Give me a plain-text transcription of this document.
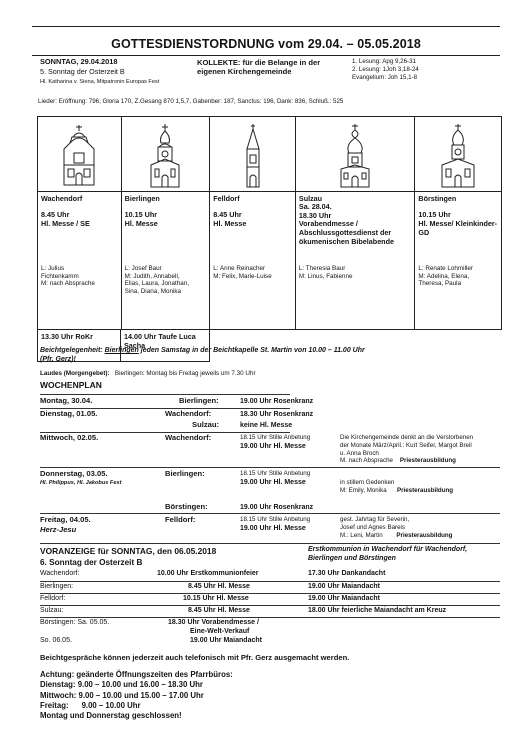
GOTTESDIENSTORDNUNG vom 29.04. – 05.05.2018
SONNTAG, 29.04.2018
5. Sonntag der Osterzeit B
Hl. Katharina v. Siena, Mitpatronin Europas Fest
KOLLEKTE: für die Belange in der eigenen Kirchengemeinde
1. Lesung: Apg 9,26-31
2. Lesung: 1Joh 3,18-24
Evangelium: Joh 15,1-8
Lieder: Eröffnung: 796, Gloria 170, Z.Gesang 870 1,5,7, Gabenber: 187, Sanctus: 196, Dank: 836, Schluß.: 525
Wachendorf
8.45 Uhr
Hl. Messe / SE
L: Julius
Fichtenkamm
M: nach Absprache
Bierlingen
10.15 Uhr
Hl. Messe
L: Josef Baur
M: Judith, Annabell,
Elias, Laura, Jonathan,
Sina, Diana, Monika
Felldorf
8.45 Uhr
Hl. Messe
L: Anne Reinacher
M: Felix, Marie-Luise
Sulzau
Sa. 28.04.
18.30 Uhr
Vorabendmesse / Abschlussgottesdienst der ökumenischen Bibelabende
L: Theresia Baur
M: Linus, Fabienne
Börstingen
10.15 Uhr
Hl. Messe/ Kleinkinder-GD
L: Renate Lohmiller
M: Adelina, Elena,
Theresa, Paula
13.30 Uhr RoKr	14.00 Uhr Taufe Luca Sacha
Beichtgelegenheit: Bierlingen jeden Samstag in der Beichtkapelle St. Martin von 10.00 – 11.00 Uhr
(Pfr. Gerz)!
Laudes (Morgengebet): Bierlingen: Montag bis Freitag jeweils um 7.30 Uhr
WOCHENPLAN
Montag, 30.04.	Bierlingen:	19.00 Uhr Rosenkranz
Dienstag, 01.05.	Wachendorf:	18.30 Uhr Rosenkranz
Sulzau:	keine Hl. Messe
Mittwoch, 02.05.	Wachendorf:	18.15 Uhr Stille Anbetung
19.00 Uhr Hl. Messe
Die Kirchengemeinde denkt an die Verstorbenen
der Monate März/April.: Kurt Seifer, Margot Breil
u. Anna Broch
M. nach Absprache Priesterausbildung
Donnerstag, 03.05.
Hl. Philippus, Hl. Jakobus Fest
Bierlingen:	18.15 Uhr Stille Anbetung
19.00 Uhr Hl. Messe	in stillem Gedenken
M: Emily, Monika Priesterausbildung
Börstingen:	19.00 Uhr Rosenkranz
Freitag, 04.05.
Herz-Jesu
Felldorf:	18.15 Uhr Stille Anbetung
19.00 Uhr Hl. Messe
gest. Jahrtag für Severin,
Josef und Agnes Bareis
M.: Leni, Martin Priesterausbildung
VORANZEIGE für SONNTAG, den 06.05.2018
6. Sonntag der Osterzeit B
Erstkommunion in Wachendorf für Wachendorf, Bierlingen und Börstingen
Wachendorf:	10.00 Uhr Erstkommunionfeier	17.30 Uhr Dankandacht
Bierlingen:	8.45 Uhr Hl. Messe	19.00 Uhr Maiandacht
Felldorf:	10.15 Uhr Hl. Messe	19.00 Uhr Maiandacht
Sulzau:	8.45 Uhr Hl. Messe	18.00 Uhr feierliche Maiandacht am Kreuz
Börstingen: Sa. 05.05.	18.30 Uhr Vorabendmesse /
Eine-Welt-Verkauf
So. 06.05.	19.00 Uhr Maiandacht
Beichtgespräche können jederzeit auch telefonisch mit Pfr. Gerz ausgemacht werden.
Achtung: geänderte Öffnungszeiten des Pfarrbüros:
Dienstag: 9.00 – 10.00 und 16.00 – 18.30 Uhr
Mittwoch: 9.00 – 10.00 und 15.00 – 17.00 Uhr
Freitag:      9.00 – 10.00 Uhr
Montag und Donnerstag geschlossen!
